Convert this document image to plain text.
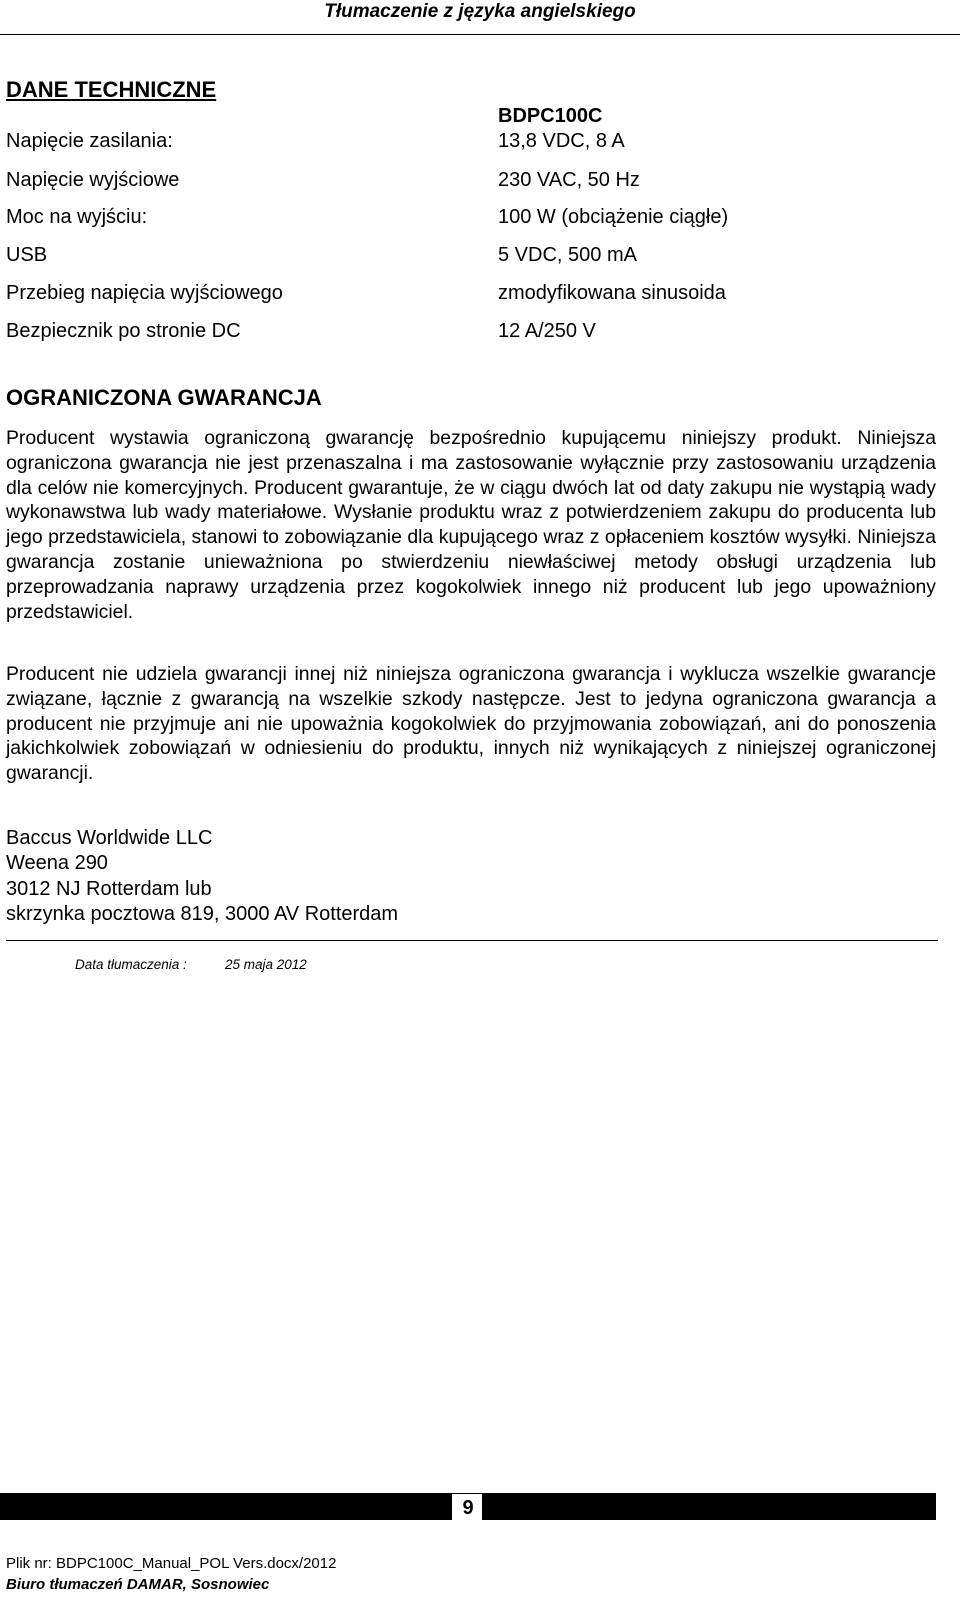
Tłumaczenie z języka angielskiego
DANE TECHNICZNE
BDPC100C
Napięcie zasilania:	13,8 VDC, 8 A
Napięcie wyjściowe	230 VAC, 50 Hz
Moc na wyjściu:	100 W (obciążenie ciągłe)
USB	5 VDC, 500 mA
Przebieg napięcia wyjściowego	zmodyfikowana sinusoida
Bezpiecznik po stronie DC	12 A/250 V
OGRANICZONA GWARANCJA

Producent wystawia ograniczoną gwarancję bezpośrednio kupującemu niniejszy produkt. Niniejsza ograniczona gwarancja nie jest przenaszalna i ma zastosowanie wyłącznie przy zastosowaniu urządzenia dla celów nie komercyjnych. Producent gwarantuje, że w ciągu dwóch lat od daty zakupu nie wystąpią wady wykonawstwa lub wady materiałowe. Wysłanie produktu wraz z potwierdzeniem zakupu do producenta lub jego przedstawiciela, stanowi to zobowiązanie dla kupującego wraz z opłaceniem kosztów wysyłki. Niniejsza gwarancja zostanie unieważniona po stwierdzeniu niewłaściwej metody obsługi urządzenia lub przeprowadzania naprawy urządzenia przez kogokolwiek innego niż producent lub jego upoważniony przedstawiciel.

Producent nie udziela gwarancji innej niż niniejsza ograniczona gwarancja i wyklucza wszelkie gwarancje związane, łącznie z gwarancją na wszelkie szkody następcze. Jest to jedyna ograniczona gwarancja a producent nie przyjmuje ani nie upoważnia kogokolwiek do przyjmowania zobowiązań, ani do ponoszenia jakichkolwiek zobowiązań w odniesieniu do produktu, innych niż wynikających z niniejszej ograniczonej gwarancji.

Baccus Worldwide LLC
Weena 290
3012 NJ Rotterdam lub
skrzynka pocztowa 819, 3000 AV Rotterdam
Data tłumaczenia :	25 maja 2012
9
Plik nr: BDPC100C_Manual_POL Vers.docx/2012
Biuro tłumaczeń DAMAR, Sosnowiec
